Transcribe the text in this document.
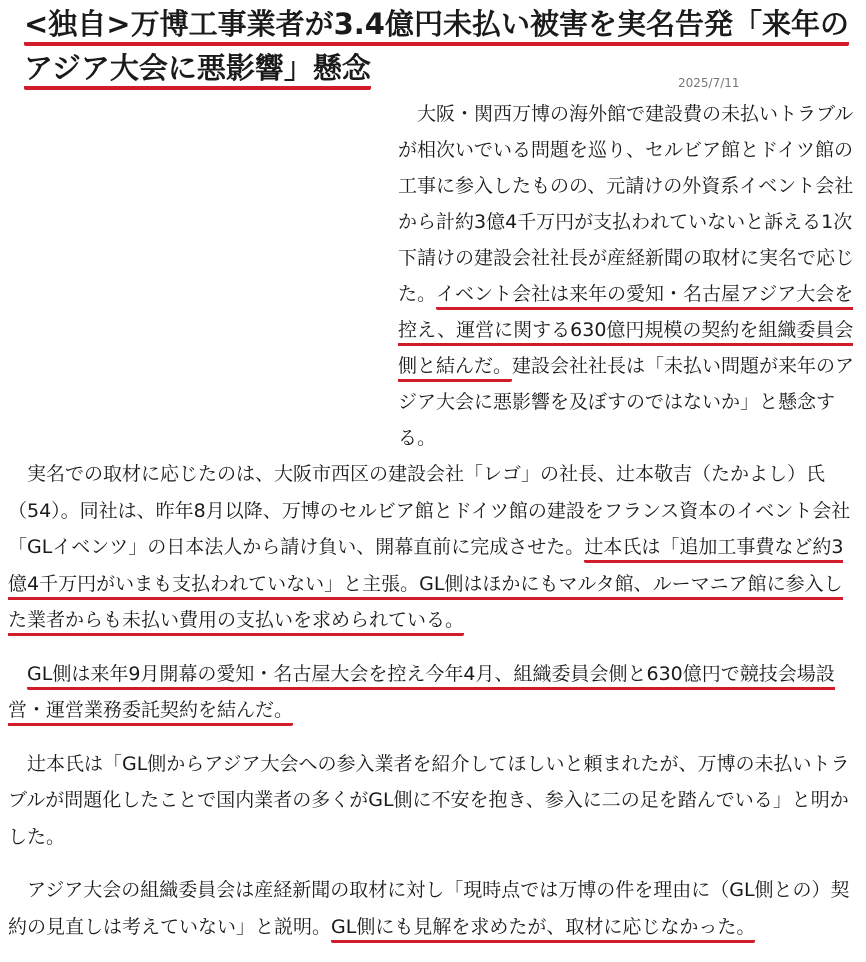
<独自>万博工事業者が3.4億円未払い被害を実名告発「来年の
アジア大会に悪影響」懸念	2025/7/11

　大阪・関西万博の海外館で建設費の未払いトラブルが相次いでいる問題を巡り、セルビア館とドイツ館の工事に参入したものの、元請けの外資系イベント会社から計約3億4千万円が支払われていないと訴える1次下請けの建設会社社長が産経新聞の取材に実名で応じた。イベント会社は来年の愛知・名古屋アジア大会を控え、運営に関する630億円規模の契約を組織委員会側と結んだ。建設会社社長は「未払い問題が来年のアジア大会に悪影響を及ぼすのではないか」と懸念する。

　実名での取材に応じたのは、大阪市西区の建設会社「レゴ」の社長、辻本敬吉（たかよし）氏（54）。同社は、昨年8月以降、万博のセルビア館とドイツ館の建設をフランス資本のイベント会社「GLイベンツ」の日本法人から請け負い、開幕直前に完成させた。辻本氏は「追加工事費など約3億4千万円がいまも支払われていない」と主張。GL側はほかにもマルタ館、ルーマニア館に参入した業者からも未払い費用の支払いを求められている。

　GL側は来年9月開幕の愛知・名古屋大会を控え今年4月、組織委員会側と630億円で競技会場設営・運営業務委託契約を結んだ。

　辻本氏は「GL側からアジア大会への参入業者を紹介してほしいと頼まれたが、万博の未払いトラブルが問題化したことで国内業者の多くがGL側に不安を抱き、参入に二の足を踏んでいる」と明かした。

　アジア大会の組織委員会は産経新聞の取材に対し「現時点では万博の件を理由に（GL側との）契約の見直しは考えていない」と説明。GL側にも見解を求めたが、取材に応じなかった。
